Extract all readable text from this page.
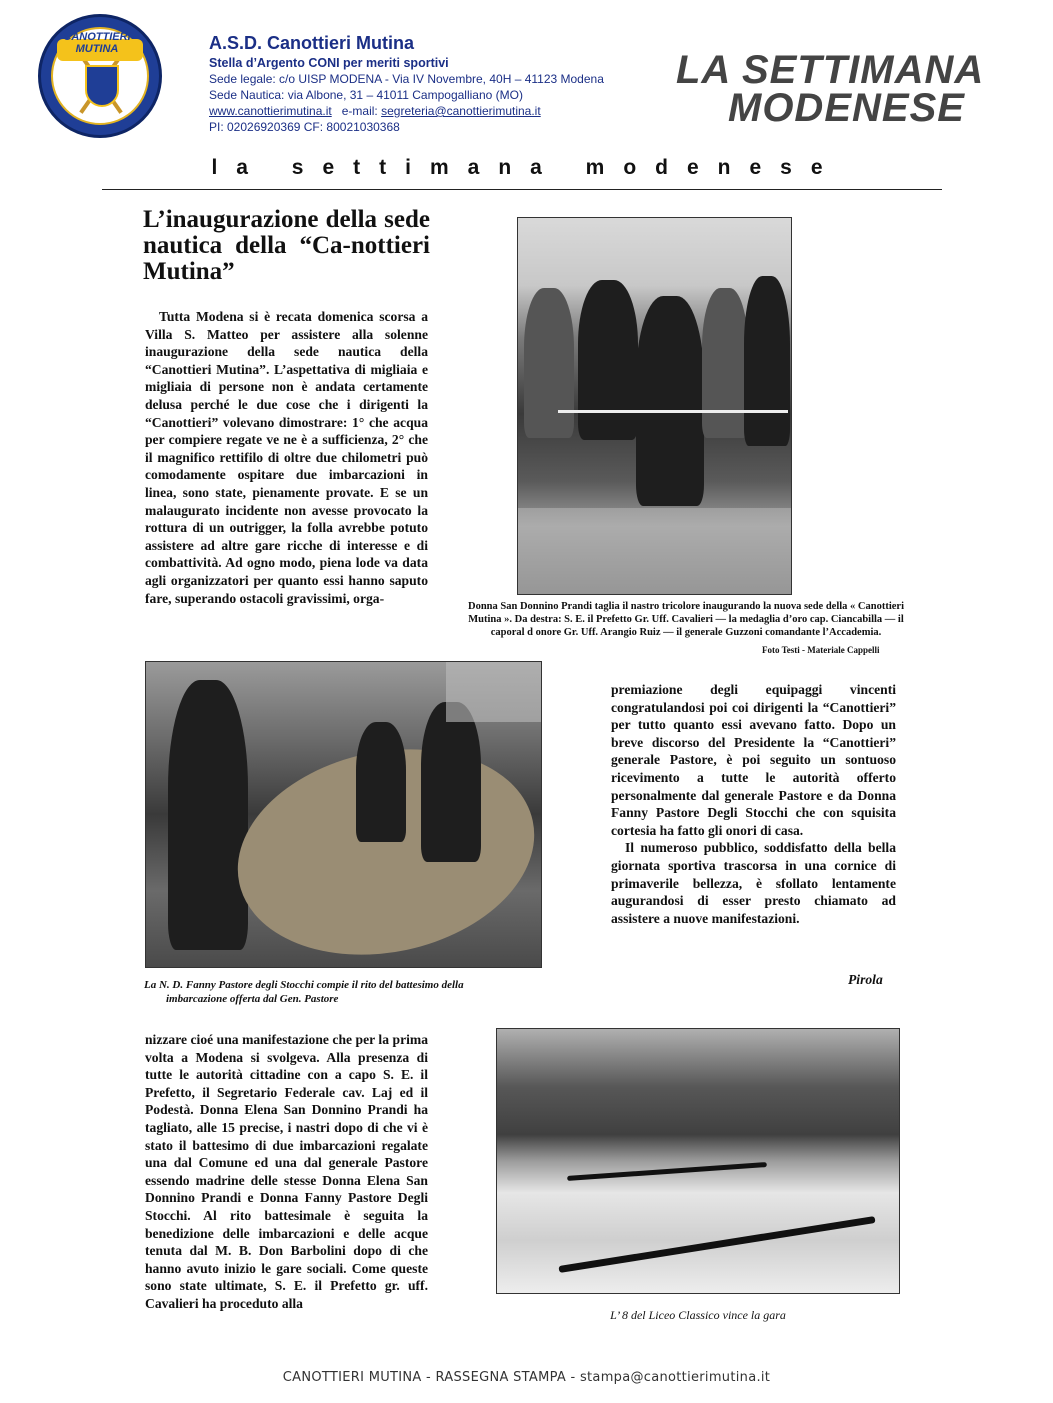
CANOTTIERI MUTINA	A.S.D. Canottieri Mutina
Stella d’Argento CONI per meriti sportivi
Sede legale: c/o UISP MODENA - Via IV Novembre, 40H – 41123 Modena
Sede Nautica: via Albone, 31 – 41011 Campogalliano (MO)
www.canottierimutina.it e-mail: segreteria@canottierimutina.it
PI: 02026920369 CF: 80021030368
LA SETTIMANA
MODENESE
la settimana modenese
L’inaugurazione della sede nautica della “Ca-nottieri Mutina”

Tutta Modena si è recata domenica scorsa a Villa S. Matteo per assistere alla solenne inaugurazione della sede nautica della “Canottieri Mutina”. L’aspettativa di migliaia e migliaia di persone non è andata certamente delusa perché le due cose che i dirigenti la “Canottieri” volevano dimostrare: 1° che acqua per compiere regate ve ne è a sufficienza, 2° che il magnifico rettifilo di oltre due chilometri può comodamente ospitare due imbarcazioni in linea, sono state, pienamente provate. E se un malaugurato incidente non avesse provocato la rottura di un outrigger, la folla avrebbe potuto assistere ad altre gare ricche di interesse e di combattività. Ad ogno modo, piena lode va data agli organizzatori per quanto essi hanno saputo fare, superando ostacoli gravissimi, orga-

Donna San Donnino Prandi taglia il nastro tricolore inaugurando la nuova sede della « Canottieri Mutina ». Da destra: S. E. il Prefetto Gr. Uff. Cavalieri — la medaglia d’oro cap. Ciancabilla — il caporal d onore Gr. Uff. Arangio Ruiz — il generale Guzzoni comandante l’Accademia.
Foto Testi - Materiale Cappelli
La N. D. Fanny Pastore degli Stocchi compie il rito del battesimo della
imbarcazione offerta dal Gen. Pastore

premiazione degli equipaggi vincenti congratulandosi poi coi dirigenti la “Canottieri” per tutto quanto essi avevano fatto. Dopo un breve discorso del Presidente la “Canottieri” generale Pastore, è poi seguito un sontuoso ricevimento a tutte le autorità offerto personalmente dal generale Pastore e da Donna Fanny Pastore Degli Stocchi che con squisita cortesia ha fatto gli onori di casa.

Il numeroso pubblico, soddisfatto della bella giornata sportiva trascorsa in una cornice di primaverile bellezza, è sfollato lentamente augurandosi di esser presto chiamato ad assistere a nuove manifestazioni.

Pirola

nizzare cioé una manifestazione che per la prima volta a Modena si svolgeva. Alla presenza di tutte le autorità cittadine con a capo S. E. il Prefetto, il Segretario Federale cav. Laj ed il Podestà. Donna Elena San Donnino Prandi ha tagliato, alle 15 precise, i nastri dopo di che vi è stato il battesimo di due imbarcazioni regalate una dal Comune ed una dal generale Pastore essendo madrine delle stesse Donna Elena San Donnino Prandi e Donna Fanny Pastore Degli Stocchi. Al rito battesimale è seguita la benedizione delle imbarcazioni e delle acque tenuta dal M. B. Don Barbolini dopo di che hanno avuto inizio le gare sociali. Come queste sono state ultimate, S. E. il Prefetto gr. uff. Cavalieri ha proceduto alla

L’ 8 del Liceo Classico vince la gara
CANOTTIERI MUTINA - RASSEGNA STAMPA - stampa@canottierimutina.it
